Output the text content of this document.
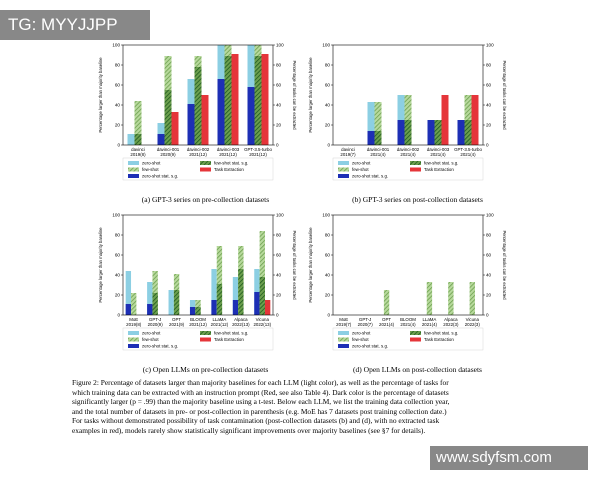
TG: MYYJJPP
Percentage larger than majority baseline	Percentage of tasks can be extracted
0	0
20	20
40	40
60	60
80	80
100	100
davinci
2019(8)
davinci-001
2020(9)
davinci-002
2021(12)
davinci-003
2021(12)
GPT-3.5-turbo
2021(12)
zero-shot
few-shot
zero-shot stat. s.g.
few-shot stat. s.g.
Task Extraction
Percentage larger than majority baseline	Percentage of tasks can be extracted
0	0
20	20
40	40
60	60
80	80
100	100
davinci
2019(7)
davinci-001
2021(4)
davinci-002
2021(4)
davinci-003
2021(4)
GPT-3.5-turbo
2021(4)
zero-shot
few-shot
zero-shot stat. s.g.
few-shot stat. s.g.
Task Extraction
Percentage larger than majority baseline	Percentage of tasks can be extracted
0	0
20	20
40	40
60	60
80	80
100	100
MoE
2019(8)
GPT-J
2020(9)
OPT
2021(9)
BLOOM
2021(12)
LLaMA
2021(12)
Alpaca
2022(13)
Vicuna
2022(13)
zero-shot
few-shot
zero-shot stat. s.g.
few-shot stat. s.g.
Task Extraction
Percentage larger than majority baseline	Percentage of tasks can be extracted
0	0
20	20
40	40
60	60
80	80
100	100
MoE
2019(7)
GPT-J
2020(7)
OPT
2021(4)
BLOOM
2021(4)
LLaMA
2021(4)
Alpaca
2022(3)
Vicuna
2022(3)
zero-shot
few-shot
zero-shot stat. s.g.
few-shot stat. s.g.
Task Extraction
(a) GPT-3 series on pre-collection datasets	(b) GPT-3 series on post-collection datasets
(c) Open LLMs on pre-collection datasets	(d) Open LLMs on post-collection datasets
Figure 2: Percentage of datasets larger than majority baselines for each LLM (light color), as well as the percentage of tasks for
which training data can be extracted with an instruction prompt (Red, see also Table 4). Dark color is the percentage of datasets
significantly larger (p = .99) than the majority baseline using a t-test. Below each LLM, we list the training data collection year,
and the total number of datasets in pre- or post-collection in parenthesis (e.g. MoE has 7 datasets post training collection date.)
For tasks without demonstrated possibility of task contamination (post-collection datasets (b) and (d), with no extracted task
examples in red), models rarely show statistically significant improvements over majority baselines (see §7 for details).
www.sdyfsm.com
